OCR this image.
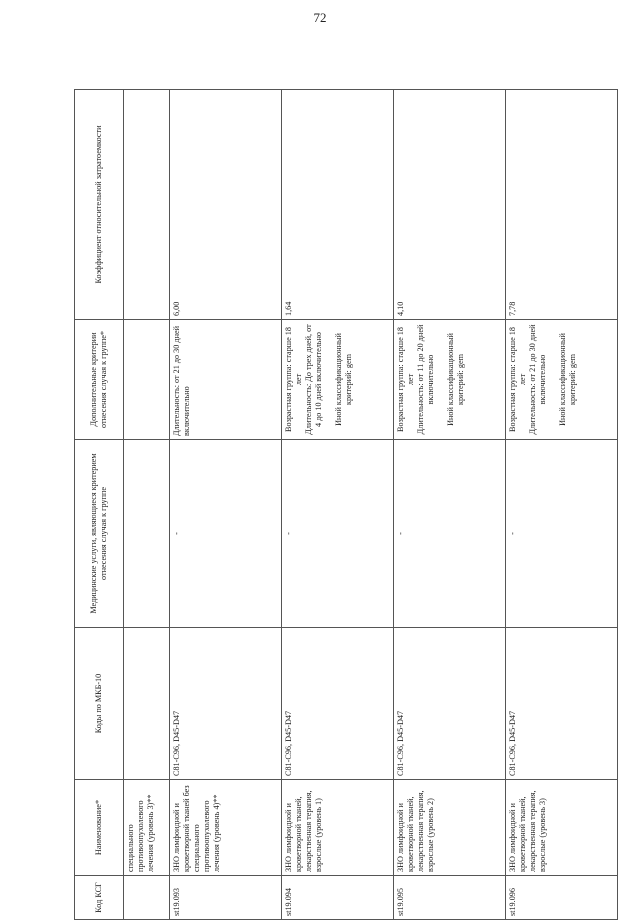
72
Код КСГ	Наименование*	Коды по МКБ-10	Медицинские услуги, являющиеся критерием отнесения случая к группе	Дополнительные критерии отнесения случая к группе*	Коэффициент относительной затратоемкости
	специального противоопухолевого лечения (уровень 3)**				
st19.093	ЗНО лимфоидной и кроветворной тканей без специального противоопухолевого лечения (уровень 4)**	C81-C96, D45-D47	-	Длительность: от 21 до 30 дней включительно	6,00
st19.094	ЗНО лимфоидной и кроветворной тканей, лекарственная терапия, взрослые (уровень 1)	C81-C96, D45-D47	-	Возрастная группа: старше 18 лет Длительность: До трех дней, от 4 до 10 дней включительно Иной классификационный критерий: gem	1,64
st19.095	ЗНО лимфоидной и кроветворной тканей, лекарственная терапия, взрослые (уровень 2)	C81-C96, D45-D47	-	Возрастная группа: старше 18 лет Длительность: от 11 до 20 дней включительно Иной классификационный критерий: gem	4,10
st19.096	ЗНО лимфоидной и кроветворной тканей, лекарственная терапия, взрослые (уровень 3)	C81-C96, D45-D47	-	Возрастная группа: старше 18 лет Длительность: от 21 до 30 дней включительно Иной классификационный критерий: gem	7,78
